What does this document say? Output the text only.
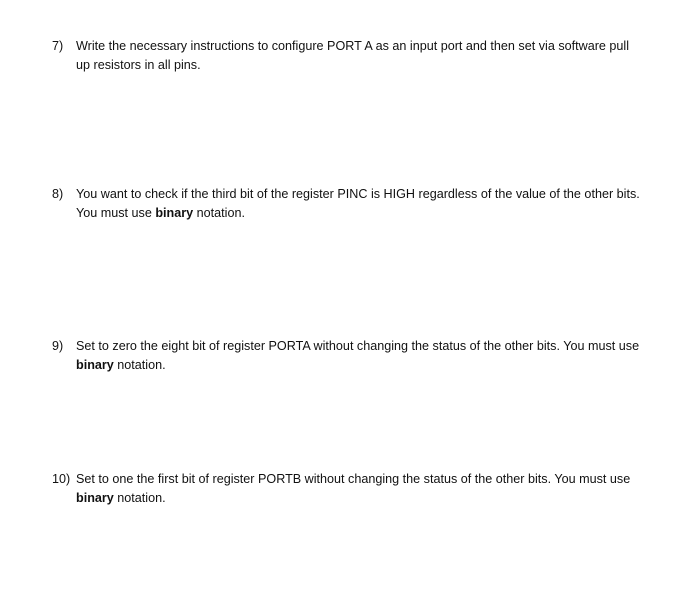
7)	Write the necessary instructions to configure PORT A as an input port and then set via software pull up resistors in all pins.
8)	You want to check if the third bit of the register PINC is HIGH regardless of the value of the other bits. You must use binary notation.
9)	Set to zero the eight bit of register PORTA without changing the status of the other bits. You must use binary notation.
10) Set to one the first bit of register PORTB without changing the status of the other bits. You must use binary notation.
